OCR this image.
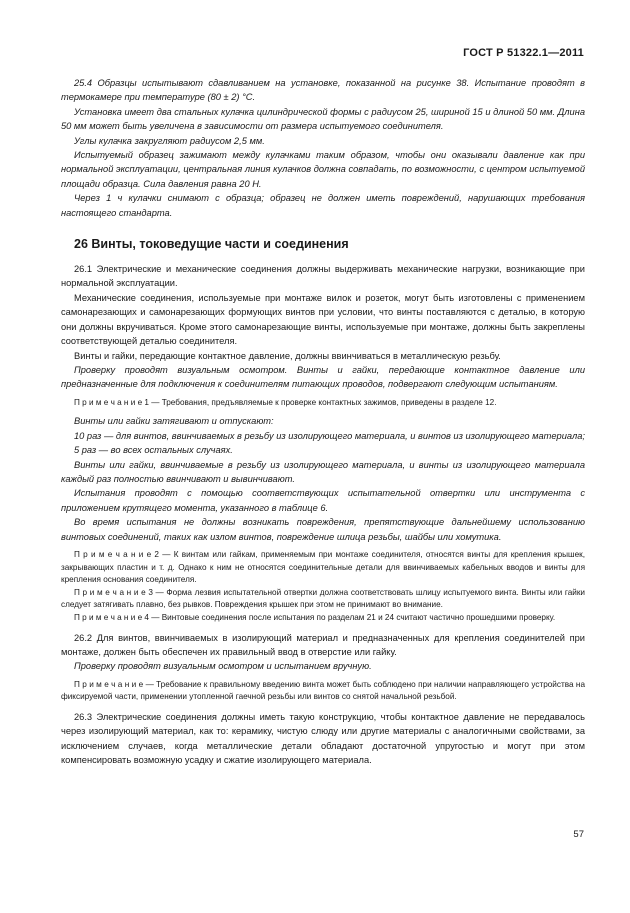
ГОСТ Р 51322.1—2011

25.4 Образцы испытывают сдавливанием на установке, показанной на рисунке 38. Испытание проводят в термокамере при температуре (80 ± 2) °С.

Установка имеет два стальных кулачка цилиндрической формы с радиусом 25, шириной 15 и длиной 50 мм. Длина 50 мм может быть увеличена в зависимости от размера испытуемого соединителя.

Углы кулачка закругляют радиусом 2,5 мм.

Испытуемый образец зажимают между кулачками таким образом, чтобы они оказывали давление как при нормальной эксплуатации, центральная линия кулачков должна совпадать, по возможности, с центром испытуемой площади образца. Сила давления равна 20 Н.

Через 1 ч кулачки снимают с образца; образец не должен иметь повреждений, нарушающих требования настоящего стандарта.

26 Винты, токоведущие части и соединения

26.1 Электрические и механические соединения должны выдерживать механические нагрузки, возникающие при нормальной эксплуатации.

Механические соединения, используемые при монтаже вилок и розеток, могут быть изготовлены с применением самонарезающих и самонарезающих формующих винтов при условии, что винты поставляются с деталью, в которую они должны вкручиваться. Кроме этого самонарезающие винты, используемые при монтаже, должны быть закреплены соответствующей деталью соединителя.

Винты и гайки, передающие контактное давление, должны ввинчиваться в металлическую резьбу.

Проверку проводят визуальным осмотром. Винты и гайки, передающие контактное давление или предназначенные для подключения к соединителям питающих проводов, подвергают следующим испытаниям.

П р и м е ч а н и е 1 — Требования, предъявляемые к проверке контактных зажимов, приведены в разделе 12.

Винты или гайки затягивают и отпускают:

10 раз — для винтов, ввинчиваемых в резьбу из изолирующего материала, и винтов из изолирующего материала;

5 раз — во всех остальных случаях.

Винты или гайки, ввинчиваемые в резьбу из изолирующего материала, и винты из изолирующего материала каждый раз полностью ввинчивают и вывинчивают.

Испытания проводят с помощью соответствующих испытательной отвертки или инструмента с приложением крутящего момента, указанного в таблице 6.

Во время испытания не должны возникать повреждения, препятствующие дальнейшему использованию винтовых соединений, таких как излом винтов, повреждение шлица резьбы, шайбы или хомутика.

П р и м е ч а н и е 2 — К винтам или гайкам, применяемым при монтаже соединителя, относятся винты для крепления крышек, закрывающих пластин и т. д. Однако к ним не относятся соединительные детали для ввинчиваемых кабельных вводов и винты для крепления основания соединителя.

П р и м е ч а н и е 3 — Форма лезвия испытательной отвертки должна соответствовать шлицу испытуемого винта. Винты или гайки следует затягивать плавно, без рывков. Повреждения крышек при этом не принимают во внимание.

П р и м е ч а н и е 4 — Винтовые соединения после испытания по разделам 21 и 24 считают частично прошедшими проверку.

26.2 Для винтов, ввинчиваемых в изолирующий материал и предназначенных для крепления соединителей при монтаже, должен быть обеспечен их правильный ввод в отверстие или гайку.

Проверку проводят визуальным осмотром и испытанием вручную.

П р и м е ч а н и е — Требование к правильному введению винта может быть соблюдено при наличии направляющего устройства на фиксируемой части, применении утопленной гаечной резьбы или винтов со снятой начальной резьбой.

26.3 Электрические соединения должны иметь такую конструкцию, чтобы контактное давление не передавалось через изолирующий материал, как то: керамику, чистую слюду или другие материалы с аналогичными свойствами, за исключением случаев, когда металлические детали обладают достаточной упругостью и могут при этом компенсировать возможную усадку и сжатие изолирующего материала.

57
